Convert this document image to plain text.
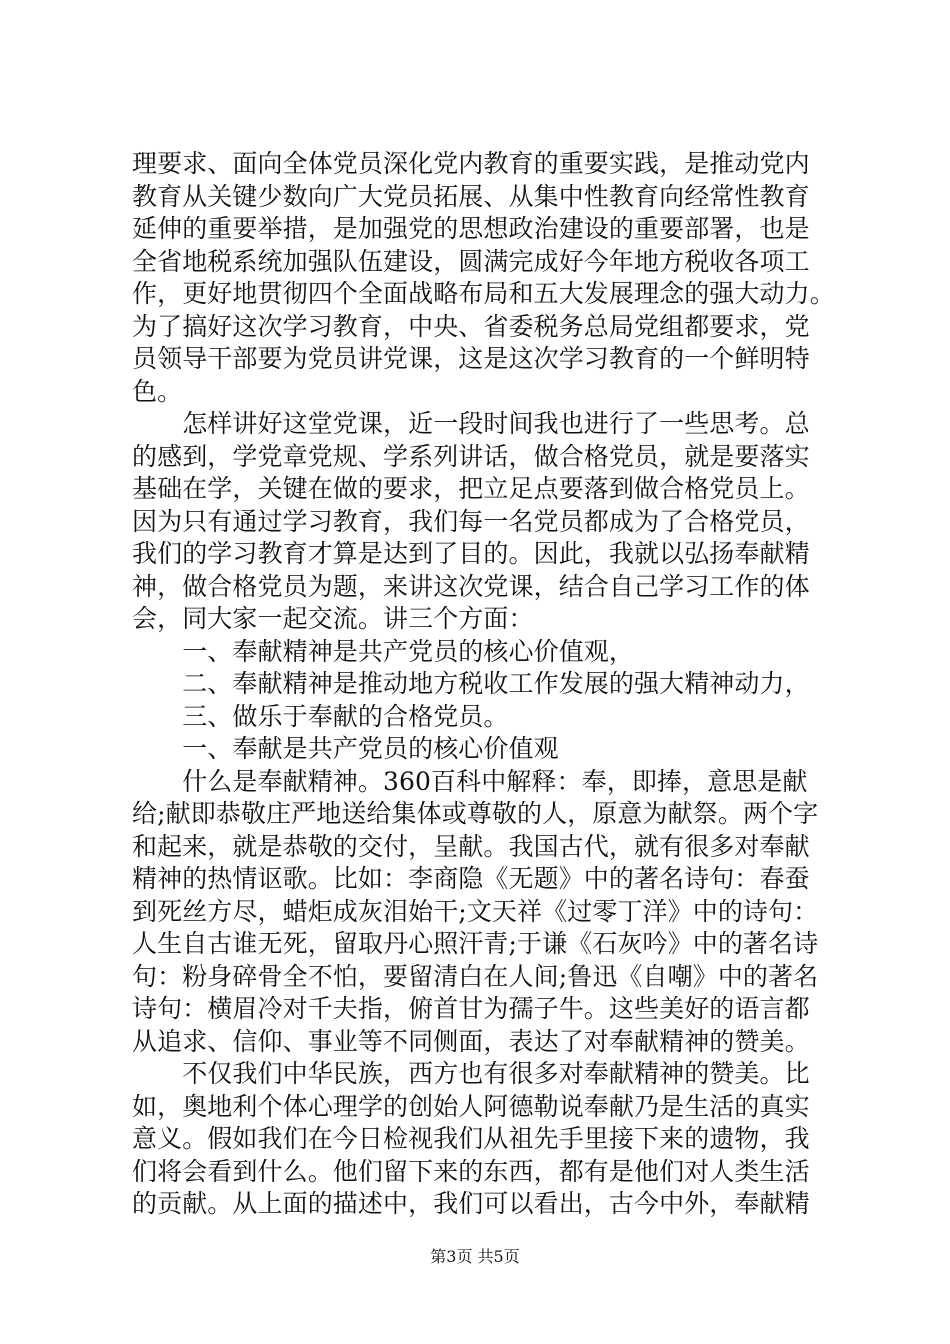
理要求、面向全体党员深化党内教育的重要实践，是推动党内
教育从关键少数向广大党员拓展、从集中性教育向经常性教育
延伸的重要举措，是加强党的思想政治建设的重要部署，也是
全省地税系统加强队伍建设，圆满完成好今年地方税收各项工
作，更好地贯彻四个全面战略布局和五大发展理念的强大动力。
为了搞好这次学习教育，中央、省委税务总局党组都要求，党
员领导干部要为党员讲党课，这是这次学习教育的一个鲜明特
色。
　　怎样讲好这堂党课，近一段时间我也进行了一些思考。总
的感到，学党章党规、学系列讲话，做合格党员，就是要落实
基础在学，关键在做的要求，把立足点要落到做合格党员上。
因为只有通过学习教育，我们每一名党员都成为了合格党员，
我们的学习教育才算是达到了目的。因此，我就以弘扬奉献精
神，做合格党员为题，来讲这次党课，结合自己学习工作的体
会，同大家一起交流。讲三个方面：
　　一、奉献精神是共产党员的核心价值观，
　　二、奉献精神是推动地方税收工作发展的强大精神动力，
　　三、做乐于奉献的合格党员。
　　一、奉献是共产党员的核心价值观
　　什么是奉献精神。360百科中解释：奉，即捧，意思是献
给;献即恭敬庄严地送给集体或尊敬的人，原意为献祭。两个字
和起来，就是恭敬的交付，呈献。我国古代，就有很多对奉献
精神的热情讴歌。比如：李商隐《无题》中的著名诗句：春蚕
到死丝方尽，蜡炬成灰泪始干;文天祥《过零丁洋》中的诗句：
人生自古谁无死，留取丹心照汗青;于谦《石灰吟》中的著名诗
句：粉身碎骨全不怕，要留清白在人间;鲁迅《自嘲》中的著名
诗句：横眉冷对千夫指，俯首甘为孺子牛。这些美好的语言都
从追求、信仰、事业等不同侧面，表达了对奉献精神的赞美。
　　不仅我们中华民族，西方也有很多对奉献精神的赞美。比
如，奥地利个体心理学的创始人阿德勒说奉献乃是生活的真实
意义。假如我们在今日检视我们从祖先手里接下来的遗物，我
们将会看到什么。他们留下来的东西，都有是他们对人类生活
的贡献。从上面的描述中，我们可以看出，古今中外，奉献精
第3页 共5页
